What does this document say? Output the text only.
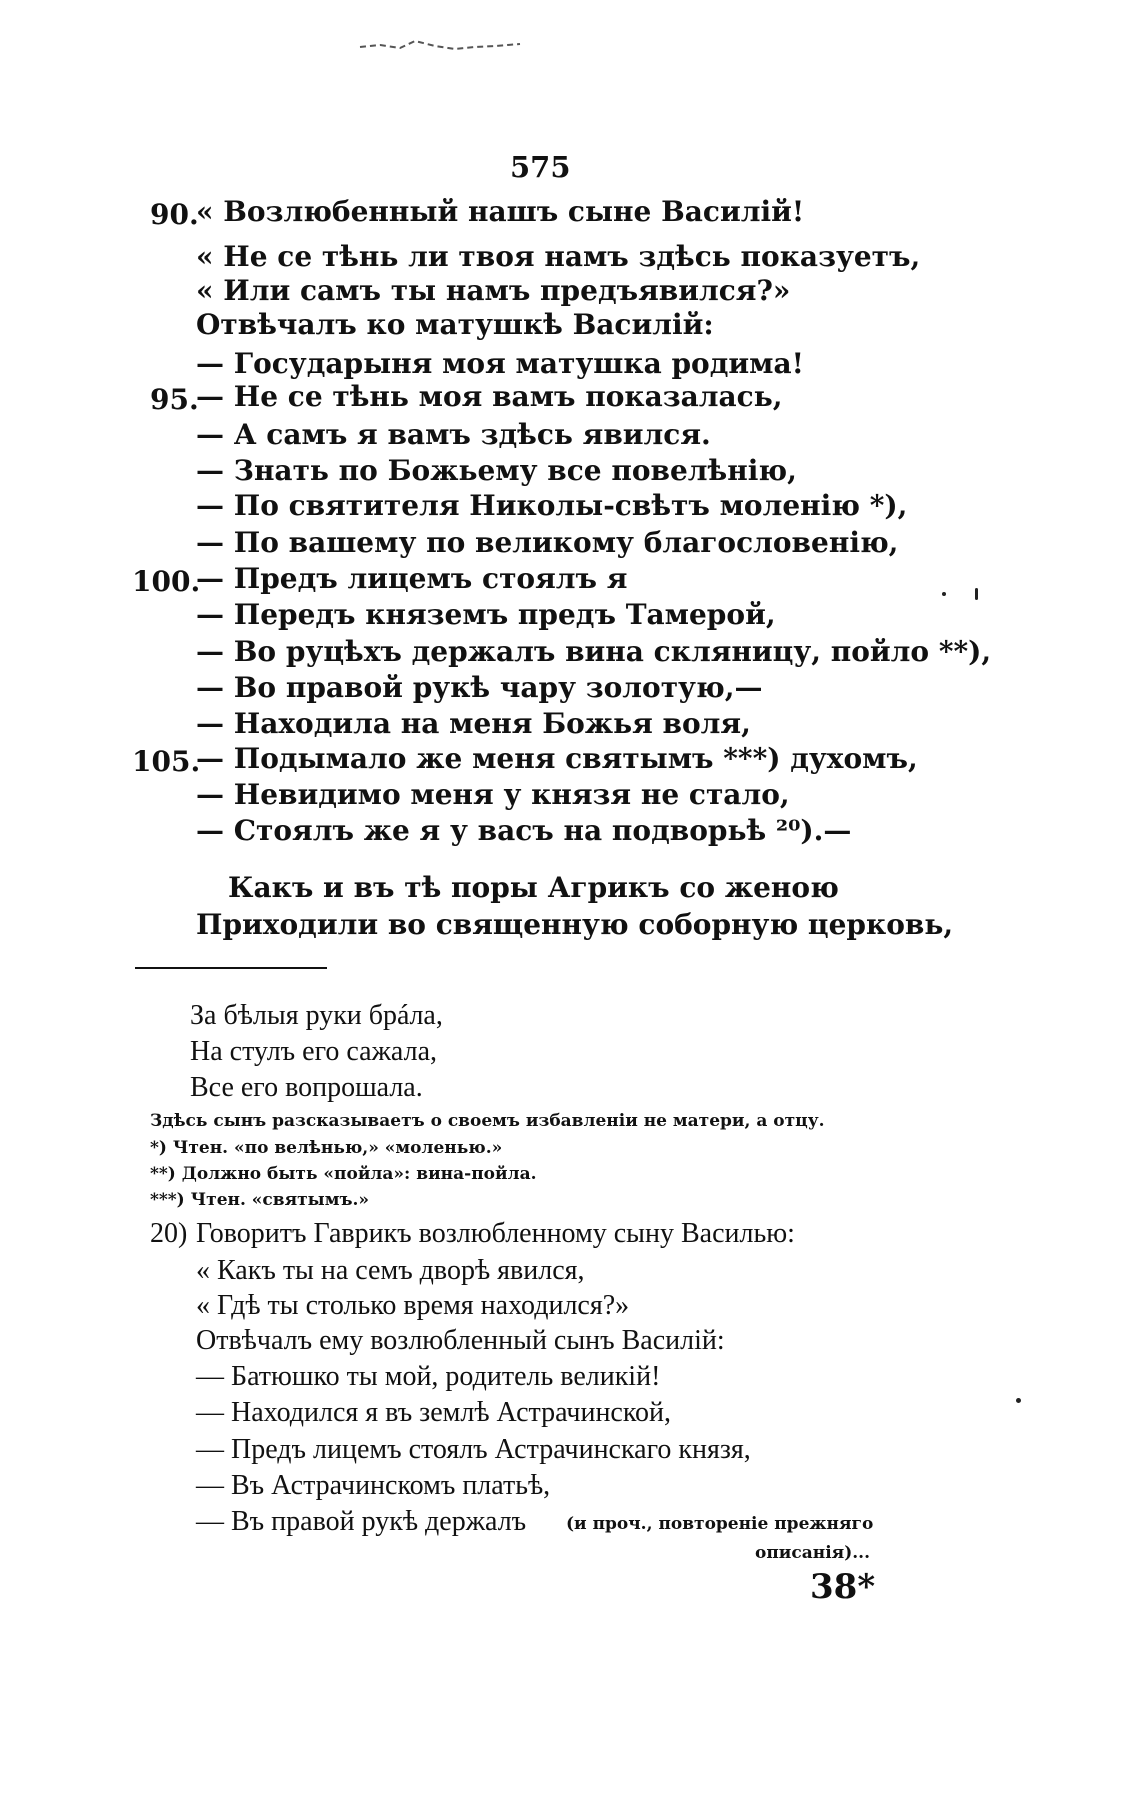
575
90.
« Возлюбенный нашъ сыне Василій!
« Не се тѣнь ли твоя намъ здѣсь показуетъ,
« Или самъ ты намъ предъявился?»
Отвѣчалъ ко матушкѣ Василій:
— Государыня моя матушка родима!
95.
— Не се тѣнь моя вамъ показалась,
— А самъ я вамъ здѣсь явился.
— Знать по Божьему все повелѣнію,
— По святителя Николы-свѣтъ моленію *),
— По вашему по великому благословенію,
100.
— Предъ лицемъ стоялъ я
— Передъ княземъ предъ Тамерой,
— Во руцѣхъ держалъ вина скляницу, пойло **),
— Во правой рукѣ чару золотую,—
— Находила на меня Божья воля,
105.
— Подымало же меня святымъ ***) духомъ,
— Невидимо меня у князя не стало,
— Стоялъ же я у васъ на подворьѣ ²⁰).—
Какъ и въ тѣ поры Агрикъ со женою
Приходили во священную соборную церковь,
За бѣлыя руки брáла,
На стулъ его сажала,
Все его вопрошала.
Здѣсь сынъ разсказываетъ о своемъ избавленіи не матери, а отцу.
*) Чтен. «по велѣнью,» «моленью.»
**) Должно быть «пойла»: вина-пойла.
***) Чтен. «святымъ.»
20) Говоритъ Гаврикъ возлюбленному сыну Василью:
« Какъ ты на семъ дворѣ явился,
« Гдѣ ты столько время находился?»
Отвѣчалъ ему возлюбленный сынъ Василій:
— Батюшко ты мой, родитель великій!
— Находился я въ землѣ Астрачинской,
— Предъ лицемъ стоялъ Астрачинскаго князя,
— Въ Астрачинскомъ платьѣ,
— Въ правой рукѣ держалъ (и проч., повтореніе прежняго
описанія)...
38*
